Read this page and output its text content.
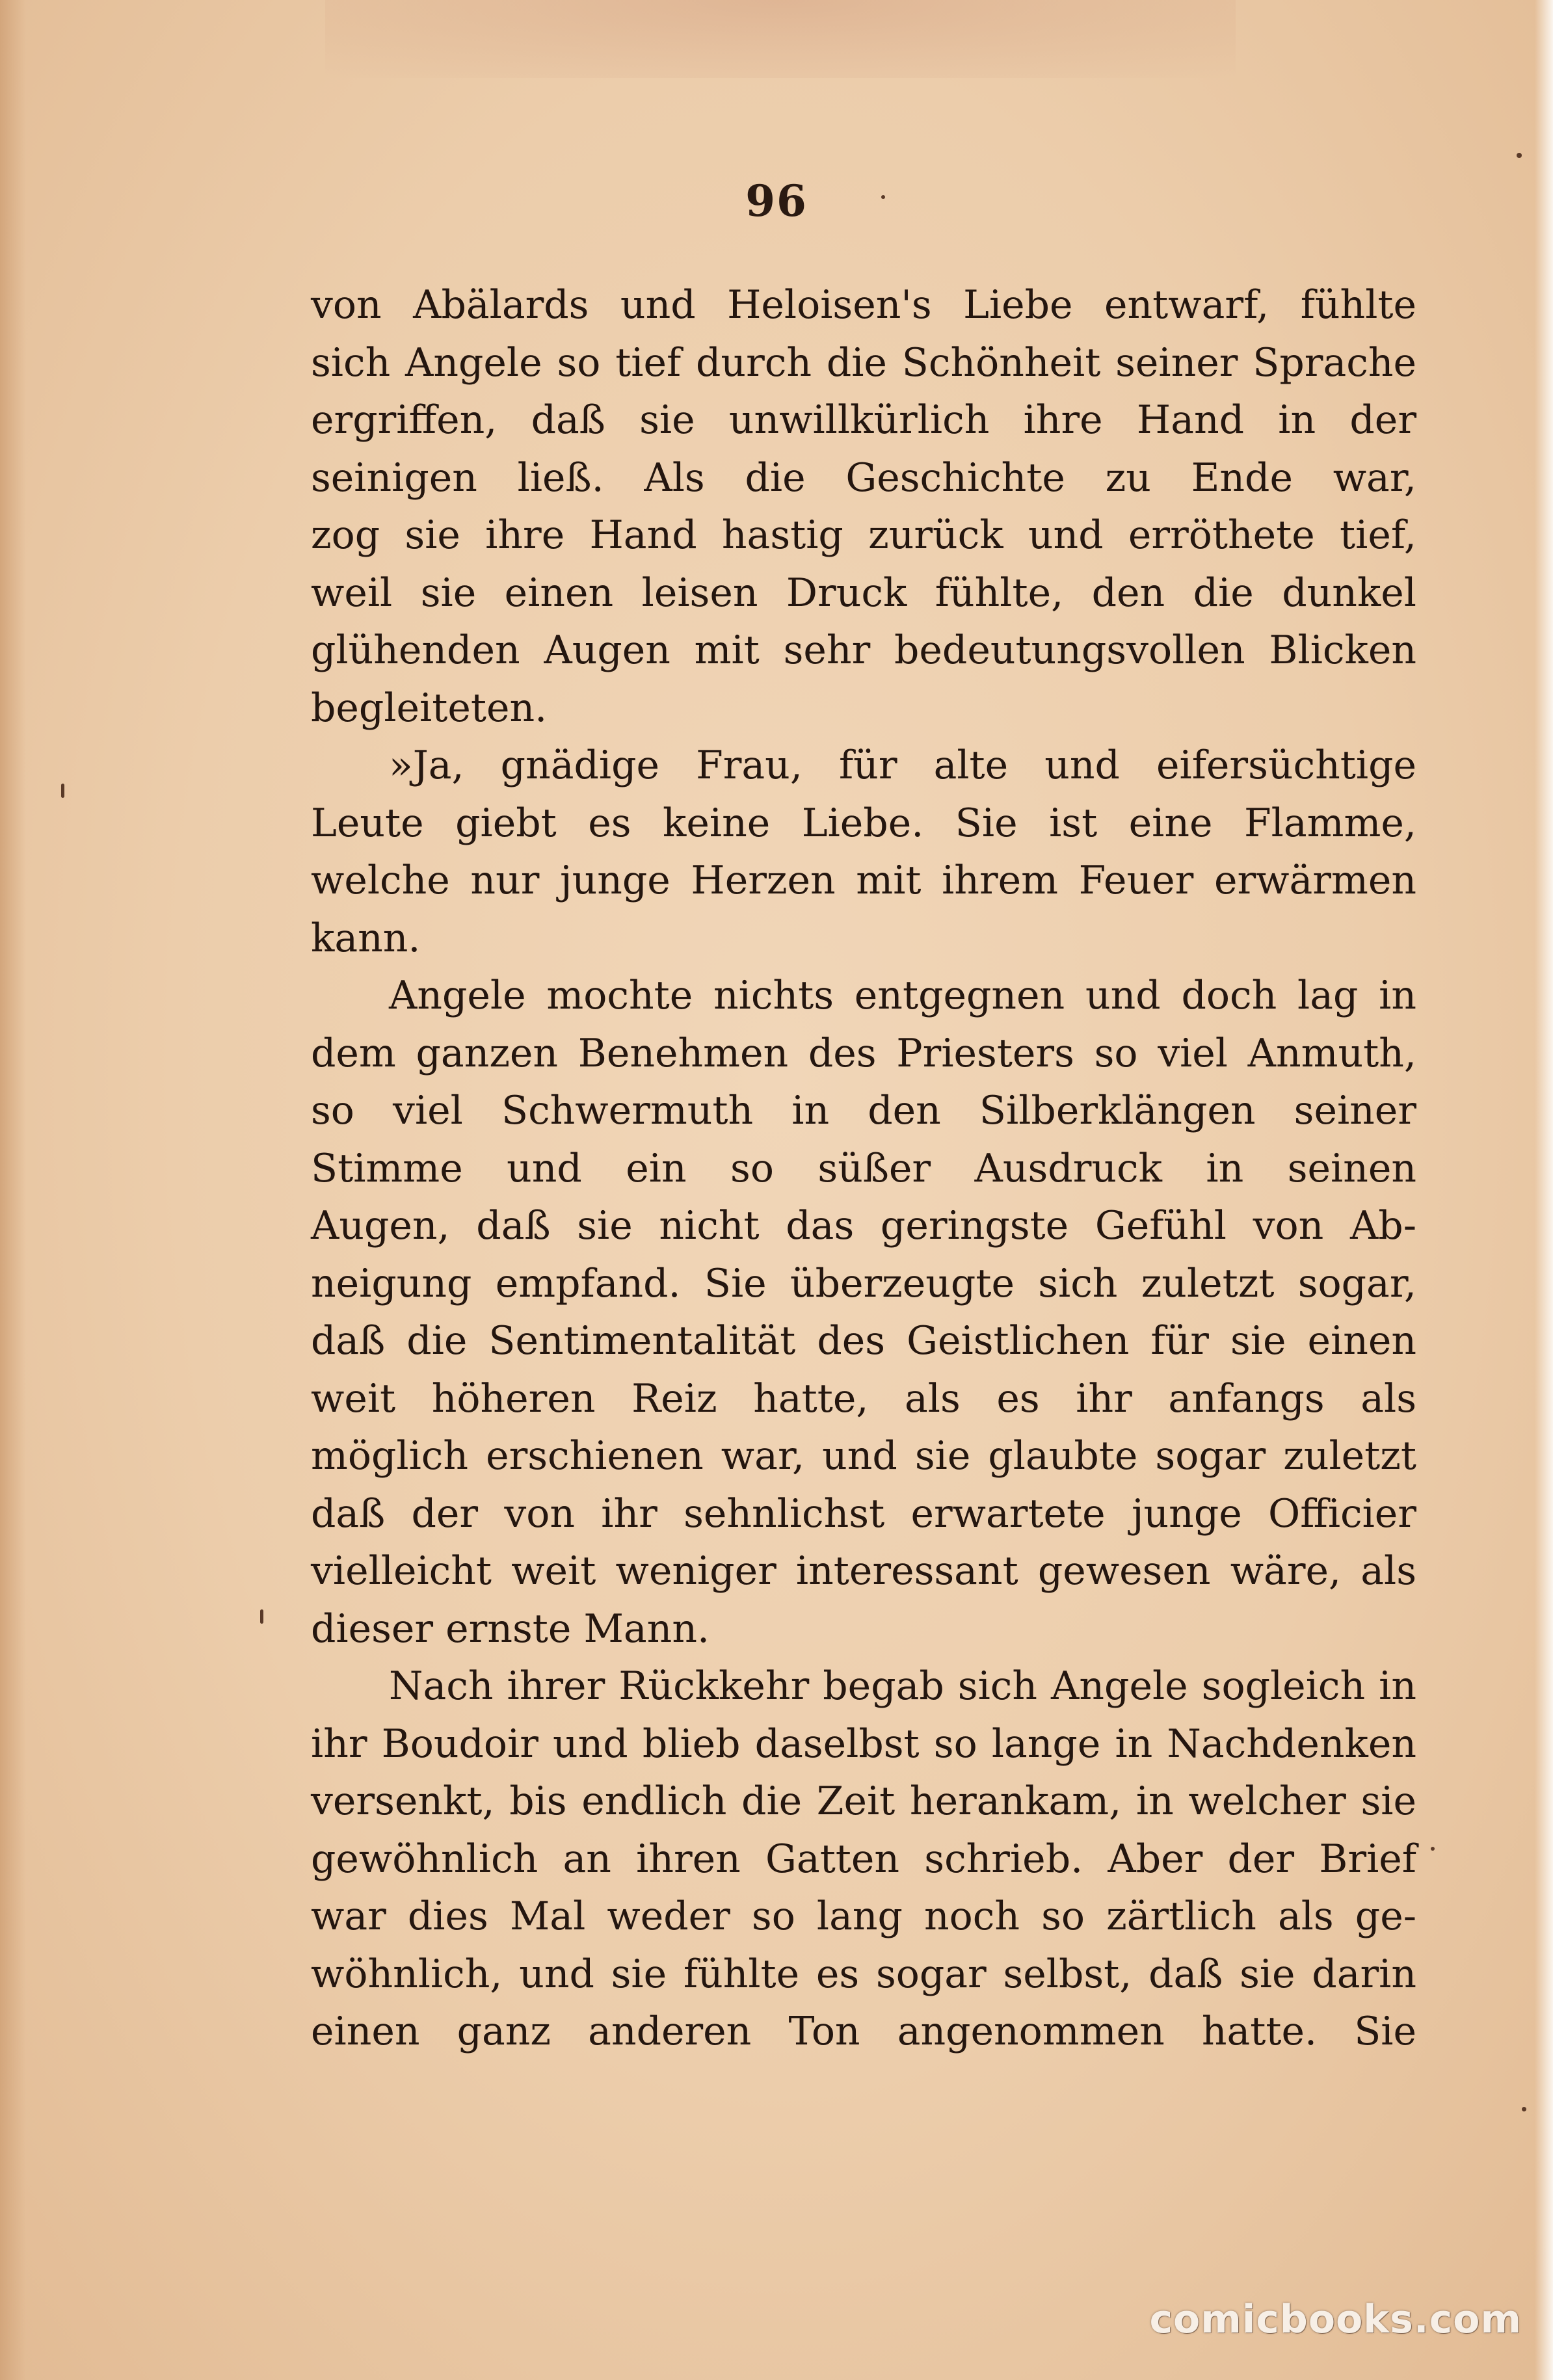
96
von Abälards und Heloisen's Liebe entwarf, fühlte
sich Angele so tief durch die Schönheit seiner Sprache
ergriffen, daß sie unwillkürlich ihre Hand in der
seinigen ließ. Als die Geschichte zu Ende war,
zog sie ihre Hand hastig zurück und erröthete tief,
weil sie einen leisen Druck fühlte, den die dunkel
glühenden Augen mit sehr bedeutungsvollen Blicken
begleiteten.
»Ja, gnädige Frau, für alte und eifersüchtige
Leute giebt es keine Liebe. Sie ist eine Flamme,
welche nur junge Herzen mit ihrem Feuer erwärmen
kann.
Angele mochte nichts entgegnen und doch lag in
dem ganzen Benehmen des Priesters so viel Anmuth,
so viel Schwermuth in den Silberklängen seiner
Stimme und ein so süßer Ausdruck in seinen
Augen, daß sie nicht das geringste Gefühl von Ab-
neigung empfand. Sie überzeugte sich zuletzt sogar,
daß die Sentimentalität des Geistlichen für sie einen
weit höheren Reiz hatte, als es ihr anfangs als
möglich erschienen war, und sie glaubte sogar zuletzt
daß der von ihr sehnlichst erwartete junge Officier
vielleicht weit weniger interessant gewesen wäre, als
dieser ernste Mann.
Nach ihrer Rückkehr begab sich Angele sogleich in
ihr Boudoir und blieb daselbst so lange in Nachdenken
versenkt, bis endlich die Zeit herankam, in welcher sie
gewöhnlich an ihren Gatten schrieb. Aber der Brief
war dies Mal weder so lang noch so zärtlich als ge-
wöhnlich, und sie fühlte es sogar selbst, daß sie darin
einen ganz anderen Ton angenommen hatte. Sie
comicbooks.com
